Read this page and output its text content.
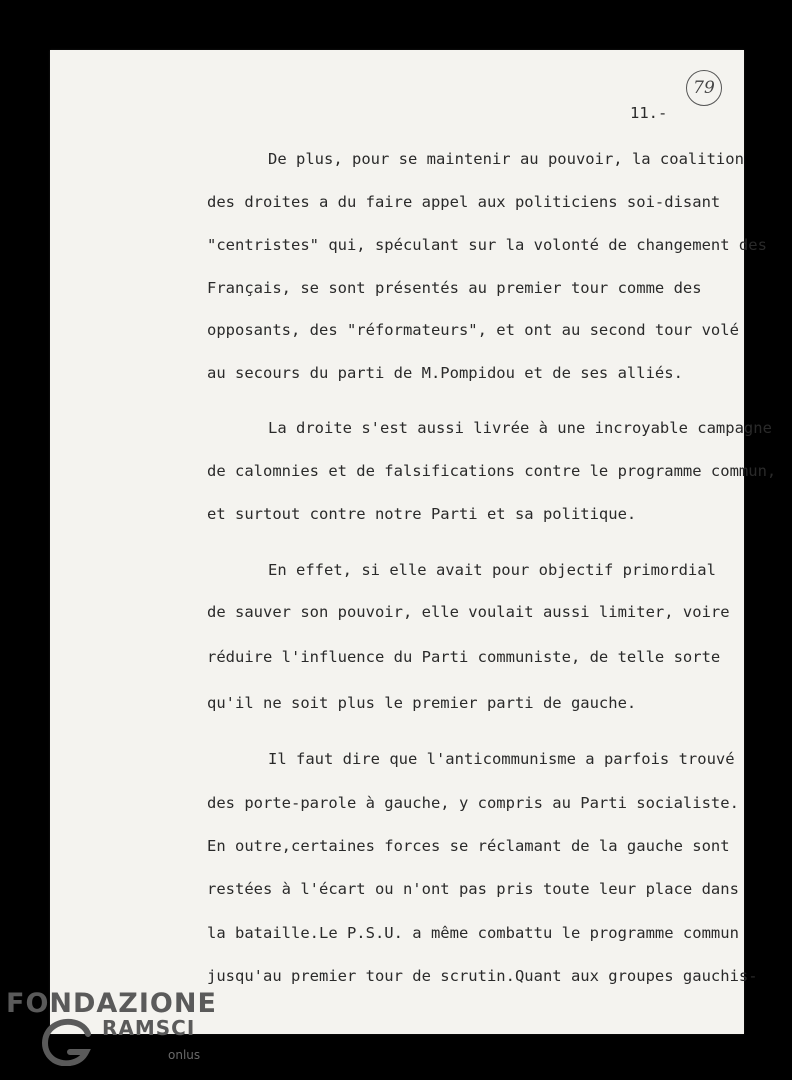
79
11.-
De plus, pour se maintenir au pouvoir, la coalition
des droites a du faire appel aux politiciens soi-disant
"centristes" qui, spéculant sur la volonté de changement des
Français, se sont présentés au premier tour comme des
opposants, des "réformateurs", et ont au second tour volé
au secours du parti de M.Pompidou et de ses alliés.
La droite s'est aussi livrée à une incroyable campagne
de calomnies et de falsifications contre le programme commun,
et surtout contre notre Parti et sa politique.
En effet, si elle avait pour objectif primordial
de sauver son pouvoir, elle voulait aussi limiter, voire
réduire l'influence du Parti communiste, de telle sorte
qu'il ne soit plus le premier parti de gauche.
Il faut dire que l'anticommunisme a parfois trouvé
des porte-parole à gauche, y compris au Parti socialiste.
En outre,certaines forces se réclamant de la gauche sont
restées à l'écart ou n'ont pas pris toute leur place dans
la bataille.Le P.S.U. a même combattu le programme commun
jusqu'au premier tour de scrutin.Quant aux groupes gauchis-
FONDAZIONE
RAMSCI
onlus
